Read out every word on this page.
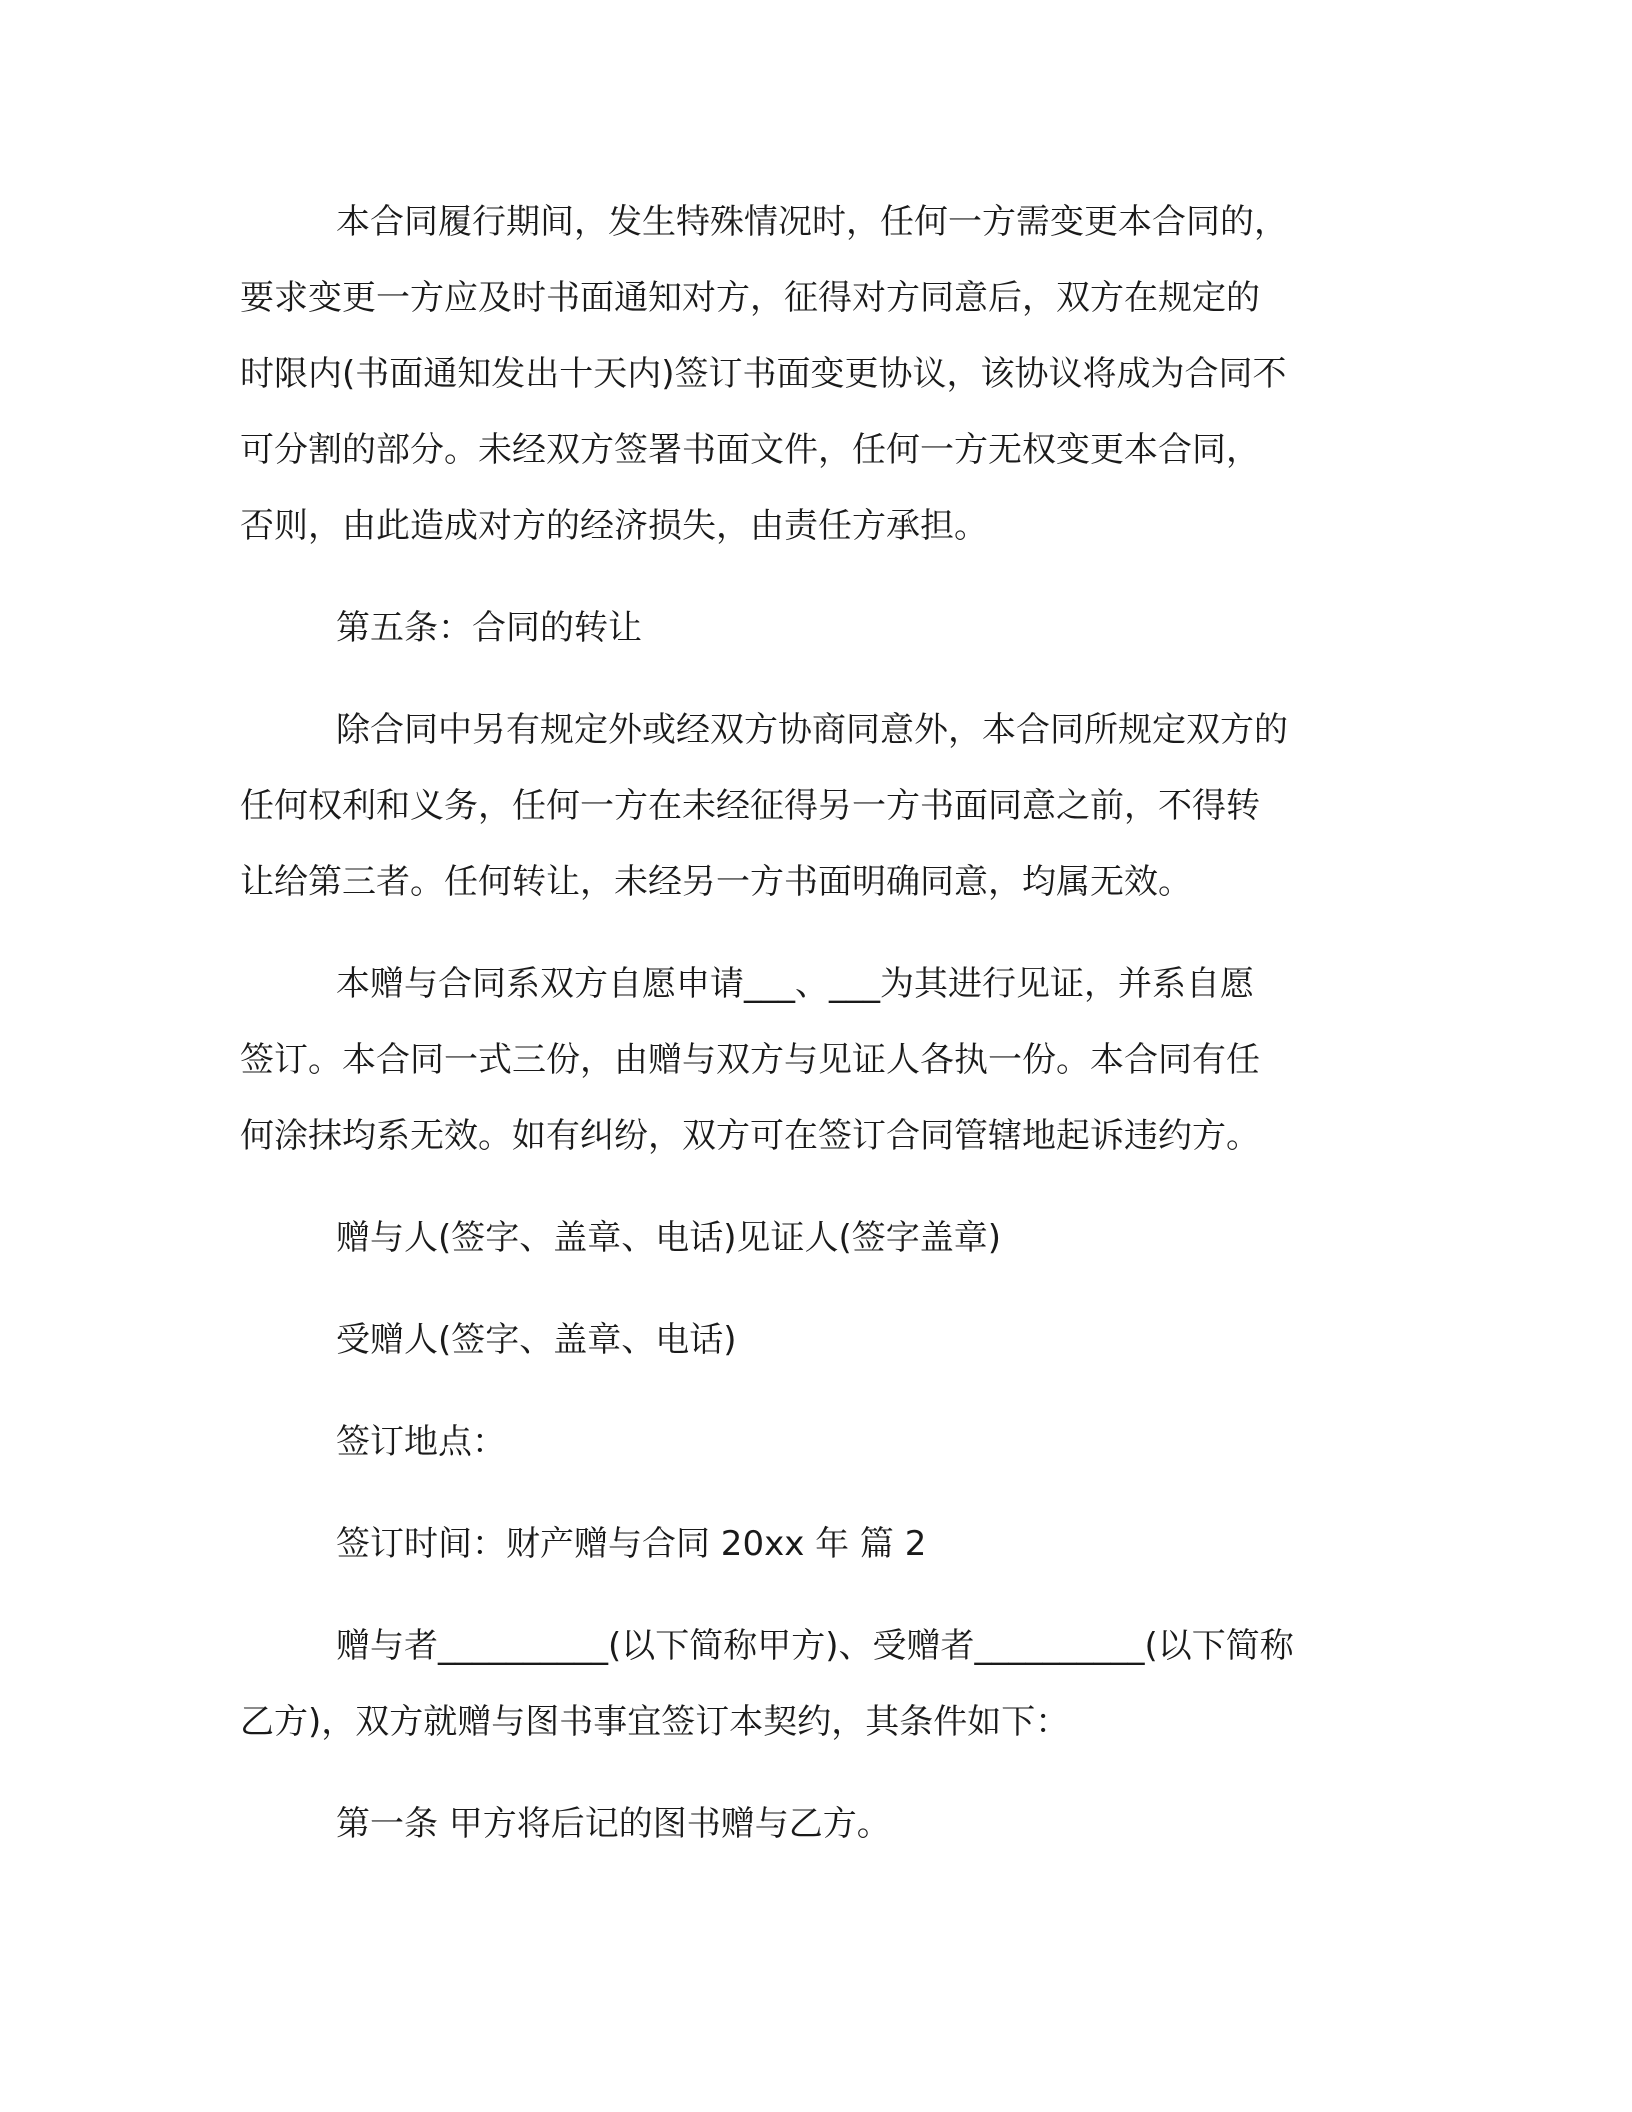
本合同履行期间，发生特殊情况时，任何一方需变更本合同的，
要求变更一方应及时书面通知对方，征得对方同意后，双方在规定的
时限内(书面通知发出十天内)签订书面变更协议，该协议将成为合同不
可分割的部分。未经双方签署书面文件，任何一方无权变更本合同，
否则，由此造成对方的经济损失，由责任方承担。

第五条：合同的转让

除合同中另有规定外或经双方协商同意外，本合同所规定双方的
任何权利和义务，任何一方在未经征得另一方书面同意之前，不得转
让给第三者。任何转让，未经另一方书面明确同意，均属无效。

本赠与合同系双方自愿申请___、___为其进行见证，并系自愿
签订。本合同一式三份，由赠与双方与见证人各执一份。本合同有任
何涂抹均系无效。如有纠纷，双方可在签订合同管辖地起诉违约方。

赠与人(签字、盖章、电话)见证人(签字盖章)

受赠人(签字、盖章、电话)

签订地点：

签订时间：财产赠与合同 20xx 年 篇 2

赠与者__________(以下简称甲方)、受赠者__________(以下简称
乙方)，双方就赠与图书事宜签订本契约，其条件如下：

第一条 甲方将后记的图书赠与乙方。
